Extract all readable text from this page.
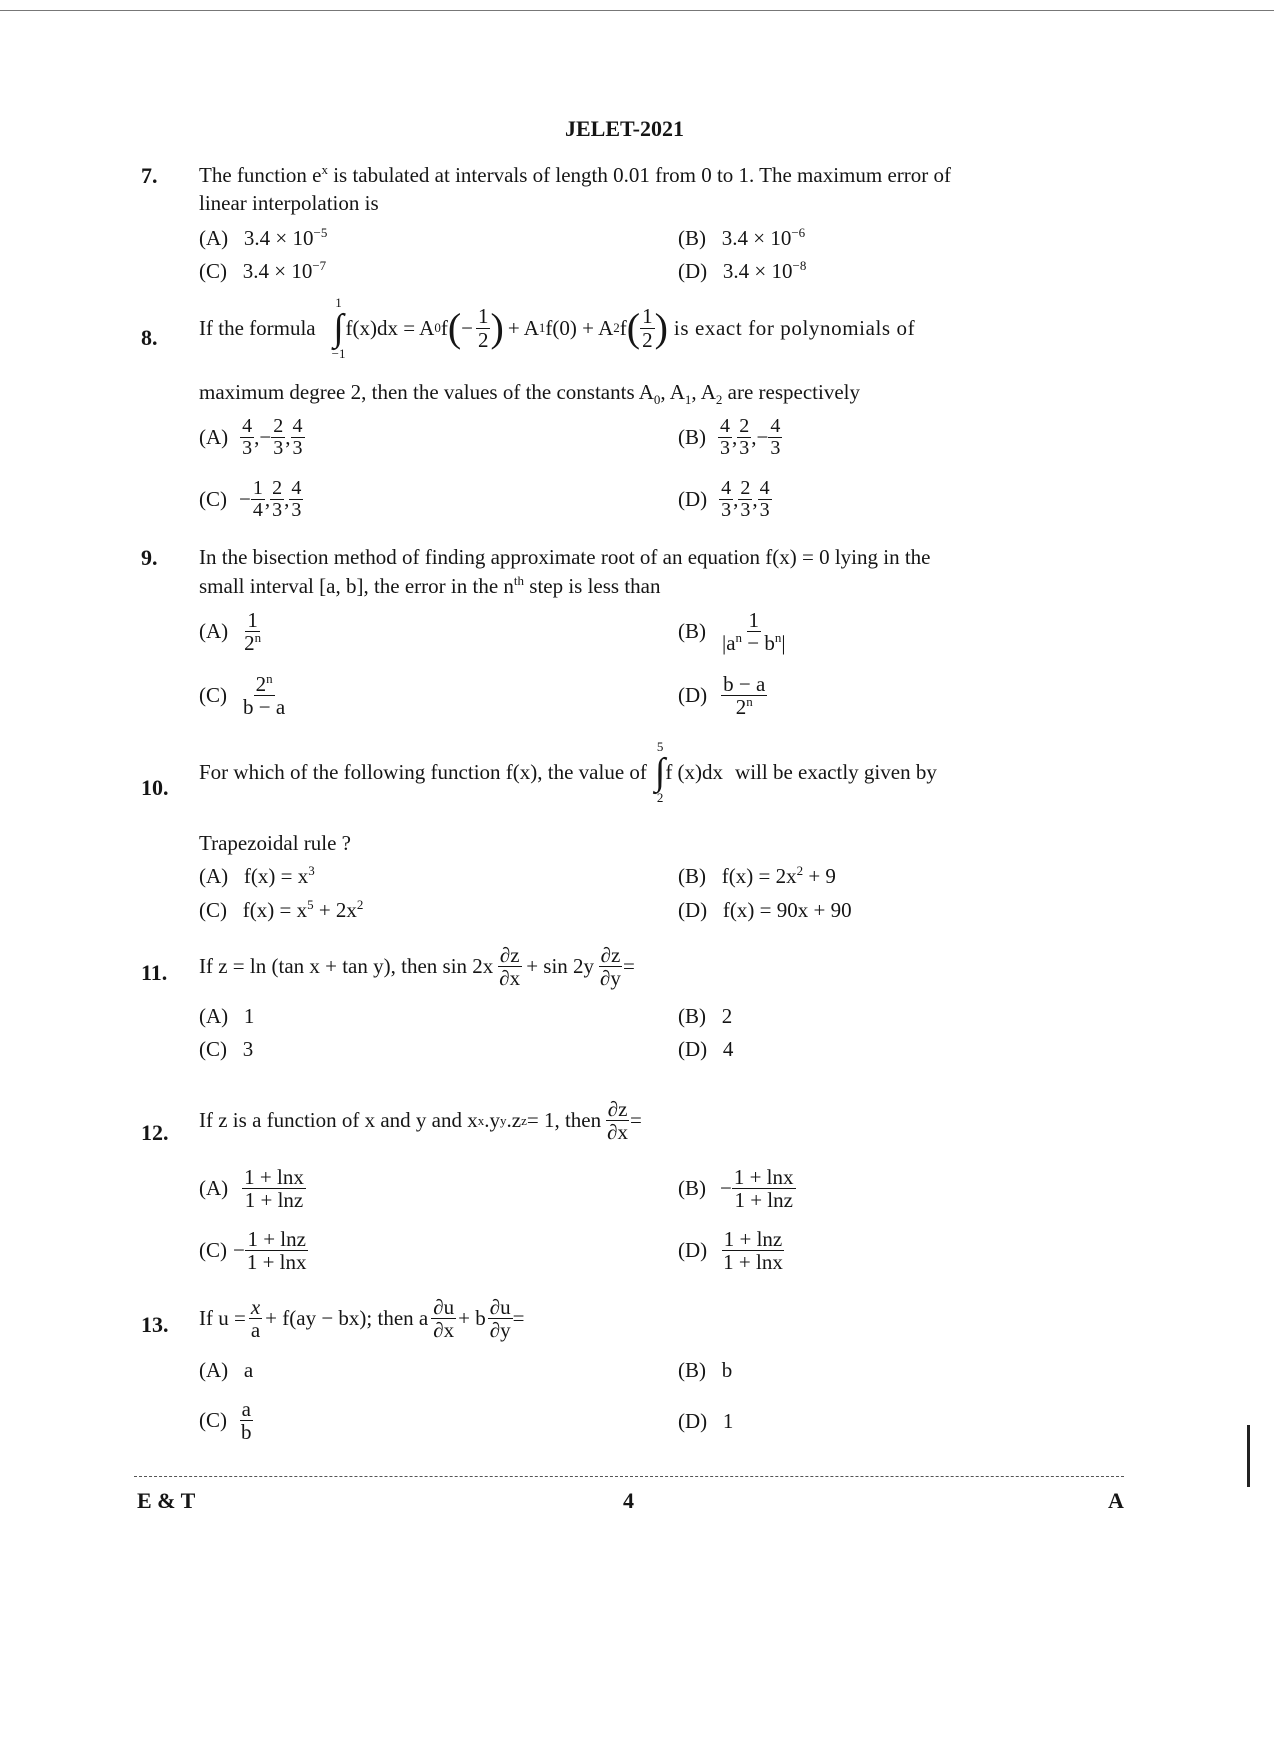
JELET-2021
7. The function $e^x$ is tabulated at intervals of length 0.01 from 0 to 1. The maximum error of
linear interpolation is
(A) $3.4 \times 10^{-5}$	(B) $3.4 \times 10^{-6}$
(C) $3.4 \times 10^{-7}$	(D) $3.4 \times 10^{-8}$
8. If the formula
1
∫
−1
f(x)dx = A 0 f ( − $\frac{1}{2}$ ) + A 1 f(0) + A 2 f ( $\frac{1}{2}$ ) is exact for polynomials of
maximum degree 2, then the values of the constants $A_0$, $A_1$, $A_2$ are respectively
$(A) \frac{4}{3}$ , − $\frac{2}{3}$ , $\frac{4}{3}$	$(B) \frac{4}{3}$ , $\frac{2}{3}$ , − $\frac{4}{3}$
$(C) - \frac{1}{4}$ , $\frac{2}{3}$ , $\frac{4}{3}$	$(D) \frac{4}{3}$ , $\frac{2}{3}$ , $\frac{4}{3}$
9. In the bisection method of finding approximate root of an equation f(x) = 0 lying in the
small interval [a, b], the error in the $n^{th}$ step is less than
$(A) \frac{1}{2^n}$	$(B) \frac{1}{|a^n - b^n|}$
$(C) \frac{2^n}{b - a}$	$(D) \frac{b - a}{2^n}$
10.
For which of the following function f(x), the value of
5
∫
2
f (x)dx will be exactly given by
Trapezoidal rule ?
(A) $f(x) = x^3$	(B) $f(x) = 2x^2 + 9$
(C) $f(x) = x^5 + 2x^2$	(D) f(x) = 90x + 90
11. If z = ln (tan x + tan y), then $\sin 2x \frac{\partial z}{\partial x} + \sin 2y \frac{\partial z}{\partial y}$ =
(A) 1	(B) 2
(C) 3	(D) 4
12. If z is a function of x and y and x x .y y .z z = 1, then $\frac{\partial z}{\partial x}$ =
$(A) \frac{1 + \ln x}{1 + \ln z}$	$(B) - \frac{1 + \ln x}{1 + \ln z}$
$(C) - \frac{1 + \ln z}{1 + \ln x}$	$(D) \frac{1 + \ln z}{1 + \ln x}$
13. If $u = \frac{x}{a} + f(ay - bx)$; then a $\frac{\partial u}{\partial x} + b \frac{\partial u}{\partial y}$ =
(A) a	(B) b
$(C) \frac{a}{b}$	(D) 1
E & T	4	A
